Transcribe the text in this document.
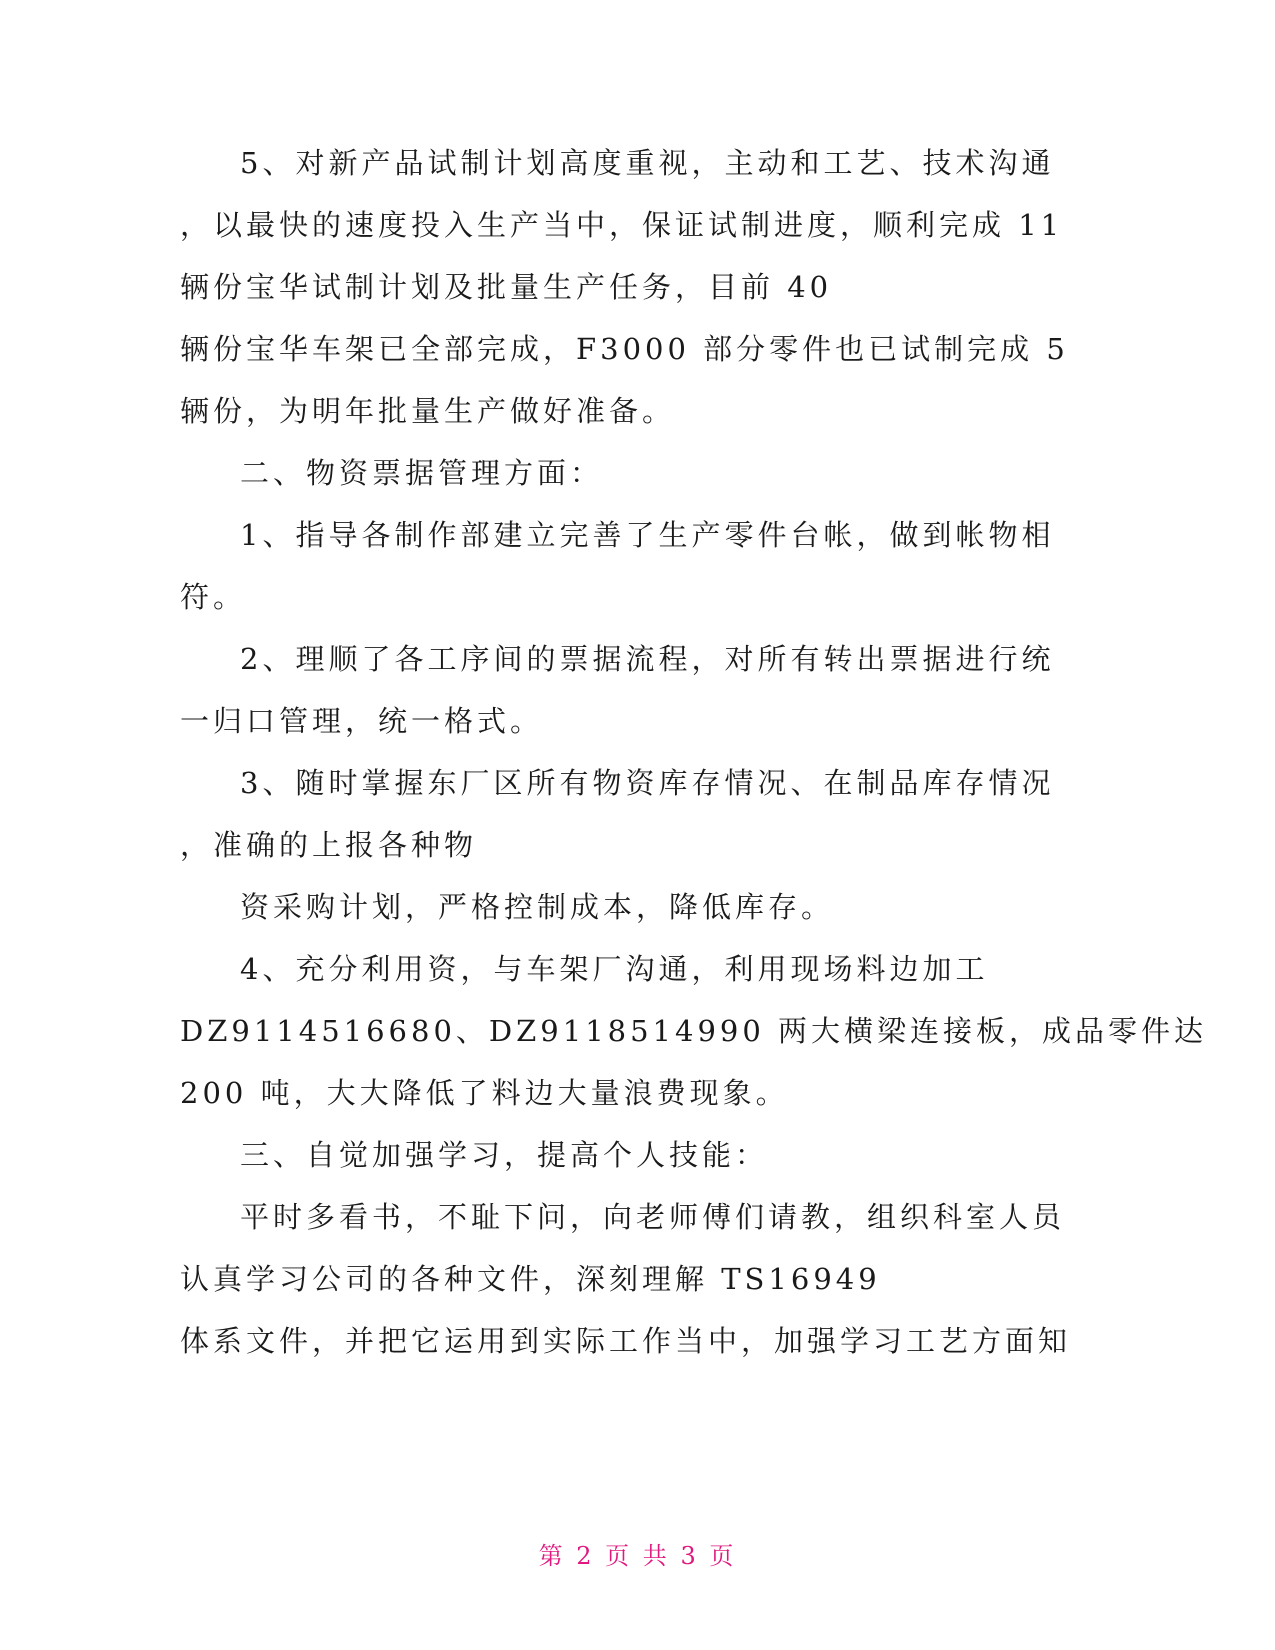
5、对新产品试制计划高度重视，主动和工艺、技术沟通
，以最快的速度投入生产当中，保证试制进度，顺利完成 11
辆份宝华试制计划及批量生产任务，目前 40
辆份宝华车架已全部完成，F3000 部分零件也已试制完成 5
辆份，为明年批量生产做好准备。
二、物资票据管理方面：
1、指导各制作部建立完善了生产零件台帐，做到帐物相
符。
2、理顺了各工序间的票据流程，对所有转出票据进行统
一归口管理，统一格式。
3、随时掌握东厂区所有物资库存情况、在制品库存情况
，准确的上报各种物
资采购计划，严格控制成本，降低库存。
4、充分利用资，与车架厂沟通，利用现场料边加工
DZ9114516680、DZ9118514990 两大横梁连接板，成品零件达
200 吨，大大降低了料边大量浪费现象。
三、自觉加强学习，提高个人技能：
平时多看书，不耻下问，向老师傅们请教，组织科室人员
认真学习公司的各种文件，深刻理解 TS16949
体系文件，并把它运用到实际工作当中，加强学习工艺方面知
第 2 页 共 3 页
